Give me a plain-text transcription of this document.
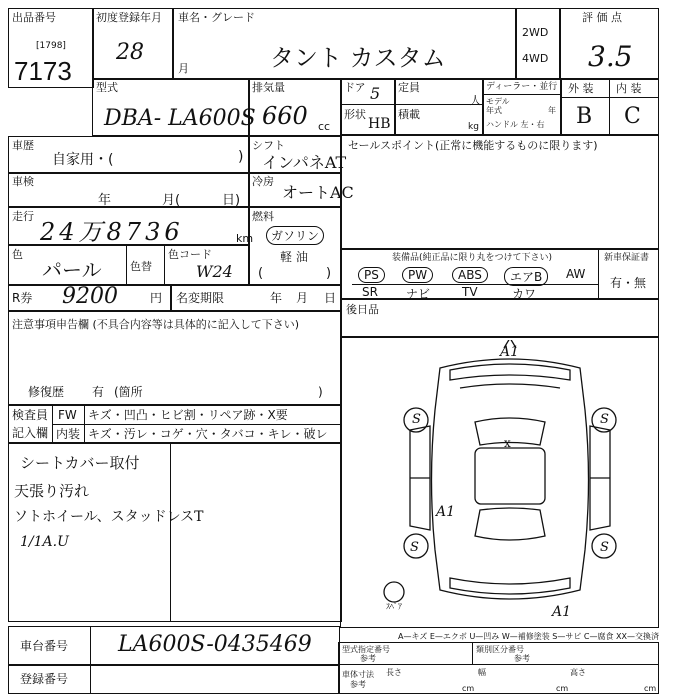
出品番号
[1798]
7173
初度登録年月
28
月
車名・グレード
タント カスタム
2WD
4WD
評 価 点
3.5
型式
DBA- LA600S
排気量
660 cc
ドア 5
形状
HB
定員
人
積載
kg
ディーラー・並行
モデル
年式	年
ハンドル 左・右
外 装 内 装
B C
車歴
自家用・(	)
車検
年	月(	日)
走行
24万8736	km
色
パール	色替
色コード
W24
シフト
インパネAT
冷房
オートAC
燃料
ガソリン
軽 油
(	)
R券 9200	円 名変期限	年 月 日
注意事項申告欄 (不具合内容等は具体的に記入して下さい)
修復歴 有 (箇所	)
検査員
記入欄
FW キズ・凹凸・ヒビ割・リペア跡・X要
内装 キズ・汚レ・コゲ・穴・タバコ・キレ・破レ
シートカバー取付
天張り汚れ
ソトホイール、スタッドレスT
1/1A.U
セールスポイント(正常に機能するものに限ります)
装備品(純正品に限り丸をつけて下さい)	新車保証書
有・無
PS	PW	ABS	エアB	AW
SR ナビ	TV	カワ
後日品
A1
A1
A1
S	S
S	S
x
ｽﾍﾟｱ
A—キズ E—エクボ U—凹み W—補修塗装 S—サビ C—腐食 XX—交換済
車台番号 LA600S-0435469
登録番号
型式指定番号
参考
類別区分番号
参考
車体寸法
参考
長さ
cm
幅
cm
高さ
cm
